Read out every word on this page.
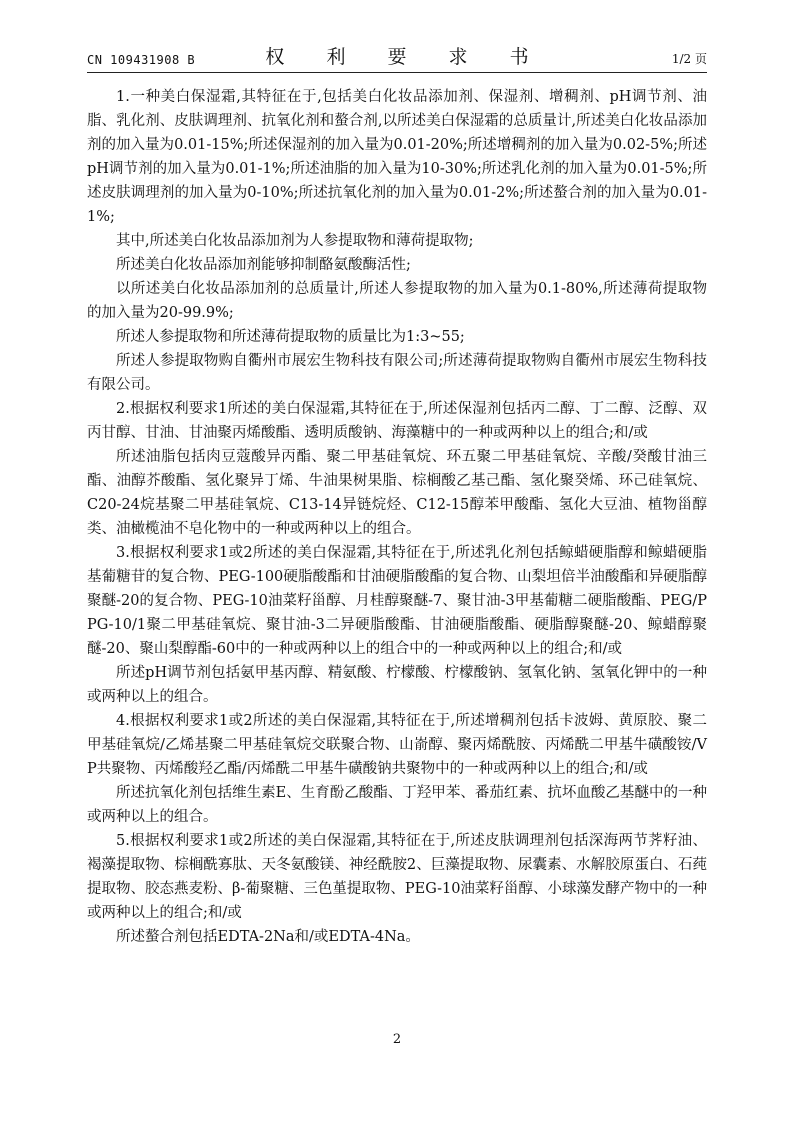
CN 109431908 B	权 利 要 求 书	1/2 页

1.一种美白保湿霜,其特征在于,包括美白化妆品添加剂、保湿剂、增稠剂、pH调节剂、油脂、乳化剂、皮肤调理剂、抗氧化剂和螯合剂,以所述美白保湿霜的总质量计,所述美白化妆品添加剂的加入量为0.01-15%;所述保湿剂的加入量为0.01-20%;所述增稠剂的加入量为0.02-5%;所述pH调节剂的加入量为0.01-1%;所述油脂的加入量为10-30%;所述乳化剂的加入量为0.01-5%;所述皮肤调理剂的加入量为0-10%;所述抗氧化剂的加入量为0.01-2%;所述螯合剂的加入量为0.01-1%;

其中,所述美白化妆品添加剂为人参提取物和薄荷提取物;

所述美白化妆品添加剂能够抑制酪氨酸酶活性;

以所述美白化妆品添加剂的总质量计,所述人参提取物的加入量为0.1-80%,所述薄荷提取物的加入量为20-99.9%;

所述人参提取物和所述薄荷提取物的质量比为1:3~55;

所述人参提取物购自衢州市展宏生物科技有限公司;所述薄荷提取物购自衢州市展宏生物科技有限公司。

2.根据权利要求1所述的美白保湿霜,其特征在于,所述保湿剂包括丙二醇、丁二醇、泛醇、双丙甘醇、甘油、甘油聚丙烯酸酯、透明质酸钠、海藻糖中的一种或两种以上的组合;和/或

所述油脂包括肉豆蔻酸异丙酯、聚二甲基硅氧烷、环五聚二甲基硅氧烷、辛酸/癸酸甘油三酯、油醇芥酸酯、氢化聚异丁烯、牛油果树果脂、棕榈酸乙基己酯、氢化聚癸烯、环己硅氧烷、C20-24烷基聚二甲基硅氧烷、C13-14异链烷烃、C12-15醇苯甲酸酯、氢化大豆油、植物甾醇类、油橄榄油不皂化物中的一种或两种以上的组合。

3.根据权利要求1或2所述的美白保湿霜,其特征在于,所述乳化剂包括鲸蜡硬脂醇和鲸蜡硬脂基葡糖苷的复合物、PEG-100硬脂酸酯和甘油硬脂酸酯的复合物、山梨坦倍半油酸酯和异硬脂醇聚醚-20的复合物、PEG-10油菜籽甾醇、月桂醇聚醚-7、聚甘油-3甲基葡糖二硬脂酸酯、PEG/PPG-10/1聚二甲基硅氧烷、聚甘油-3二异硬脂酸酯、甘油硬脂酸酯、硬脂醇聚醚-20、鲸蜡醇聚醚-20、聚山梨醇酯-60中的一种或两种以上的组合中的一种或两种以上的组合;和/或

所述pH调节剂包括氨甲基丙醇、精氨酸、柠檬酸、柠檬酸钠、氢氧化钠、氢氧化钾中的一种或两种以上的组合。

4.根据权利要求1或2所述的美白保湿霜,其特征在于,所述增稠剂包括卡波姆、黄原胶、聚二甲基硅氧烷/乙烯基聚二甲基硅氧烷交联聚合物、山嵛醇、聚丙烯酰胺、丙烯酰二甲基牛磺酸铵/VP共聚物、丙烯酸羟乙酯/丙烯酰二甲基牛磺酸钠共聚物中的一种或两种以上的组合;和/或

所述抗氧化剂包括维生素E、生育酚乙酸酯、丁羟甲苯、番茄红素、抗坏血酸乙基醚中的一种或两种以上的组合。

5.根据权利要求1或2所述的美白保湿霜,其特征在于,所述皮肤调理剂包括深海两节荠籽油、褐藻提取物、棕榈酰寡肽、天冬氨酸镁、神经酰胺2、巨藻提取物、尿囊素、水解胶原蛋白、石莼提取物、胶态燕麦粉、β-葡聚糖、三色堇提取物、PEG-10油菜籽甾醇、小球藻发酵产物中的一种或两种以上的组合;和/或

所述螯合剂包括EDTA-2Na和/或EDTA-4Na。

2
